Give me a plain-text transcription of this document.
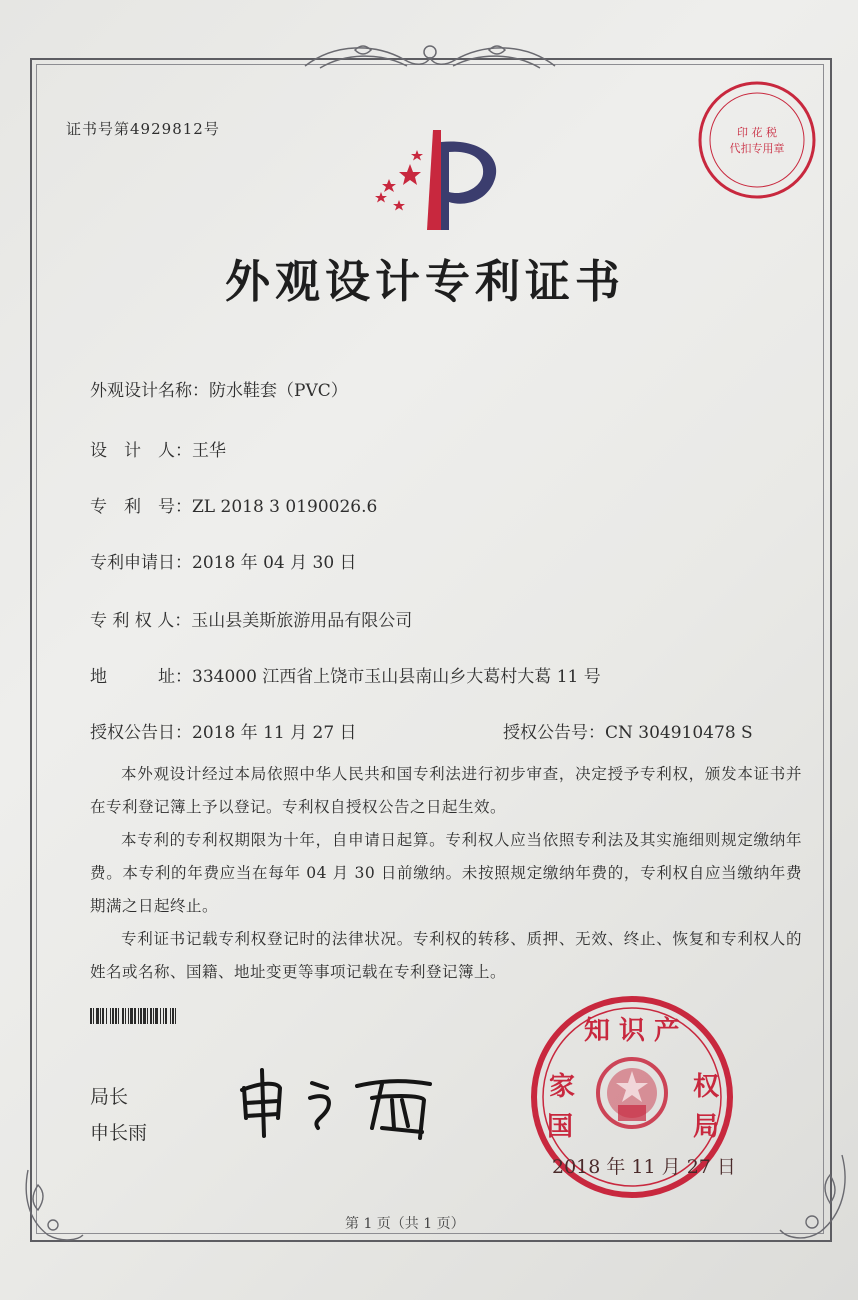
证书号第4929812号	印 花 税
代扣专用章
外观设计专利证书
外观设计名称：防水鞋套（PVC）
设　计　人：王华
专　利　号：ZL 2018 3 0190026.6
专利申请日：2018 年 04 月 30 日
专 利 权 人：玉山县美斯旅游用品有限公司
地　　　址：334000 江西省上饶市玉山县南山乡大葛村大葛 11 号
授权公告日：2018 年 11 月 27 日	授权公告号：CN 304910478 S

本外观设计经过本局依照中华人民共和国专利法进行初步审查，决定授予专利权，颁发本证书并在专利登记簿上予以登记。专利权自授权公告之日起生效。

本专利的专利权期限为十年，自申请日起算。专利权人应当依照专利法及其实施细则规定缴纳年费。本专利的年费应当在每年 04 月 30 日前缴纳。未按照规定缴纳年费的，专利权自应当缴纳年费期满之日起终止。

专利证书记载专利权登记时的法律状况。专利权的转移、质押、无效、终止、恢复和专利权人的姓名或名称、国籍、地址变更等事项记载在专利登记簿上。

局长
申长雨
知 识 产
家
国
权
局
2018 年 11 月 27 日
第 1 页（共 1 页）
